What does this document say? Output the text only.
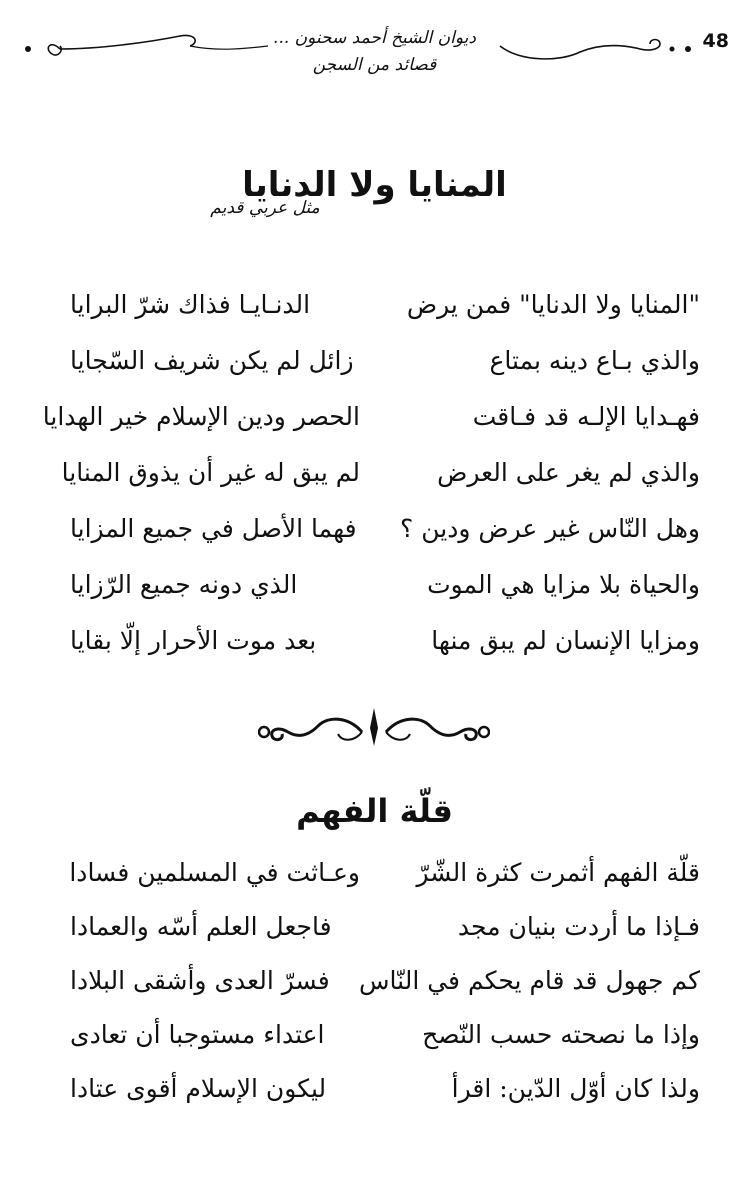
48
ديوان الشيخ أحمد سحنون ...
قصائد من السجن
المنايا ولا الدنايا
مثل عربي قديم
"المنايا ولا الدنايا" فمن يرض
الدنـايـا فذاك شرّ البرايا
والذي بـاع دينه بمتاع
زائل لم يكن شريف السّجايا
فهـدايا الإلـه قد فـاقت
الحصر ودين الإسلام خير الهدايا
والذي لم يغر على العرض
لم يبق له غير أن يذوق المنايا
وهل النّاس غير عرض ودين ؟
فهما الأصل في جميع المزايا
والحياة بلا مزايا هي الموت
الذي دونه جميع الرّزايا
ومزايا الإنسان لم يبق منها
بعد موت الأحرار إلّا بقايا
قلّة الفهم
قلّة الفهم أثمرت كثرة الشّرّ
وعـاثت في المسلمين فسادا
فـإذا ما أردت بنيان مجد
فاجعل العلم أسّه والعمادا
كم جهول قد قام يحكم في النّاس
فسرّ العدى وأشقى البلادا
وإذا ما نصحته حسب النّصح
اعتداء مستوجبا أن تعادى
ولذا كان أوّل الدّين: اقرأ
ليكون الإسلام أقوى عتادا
